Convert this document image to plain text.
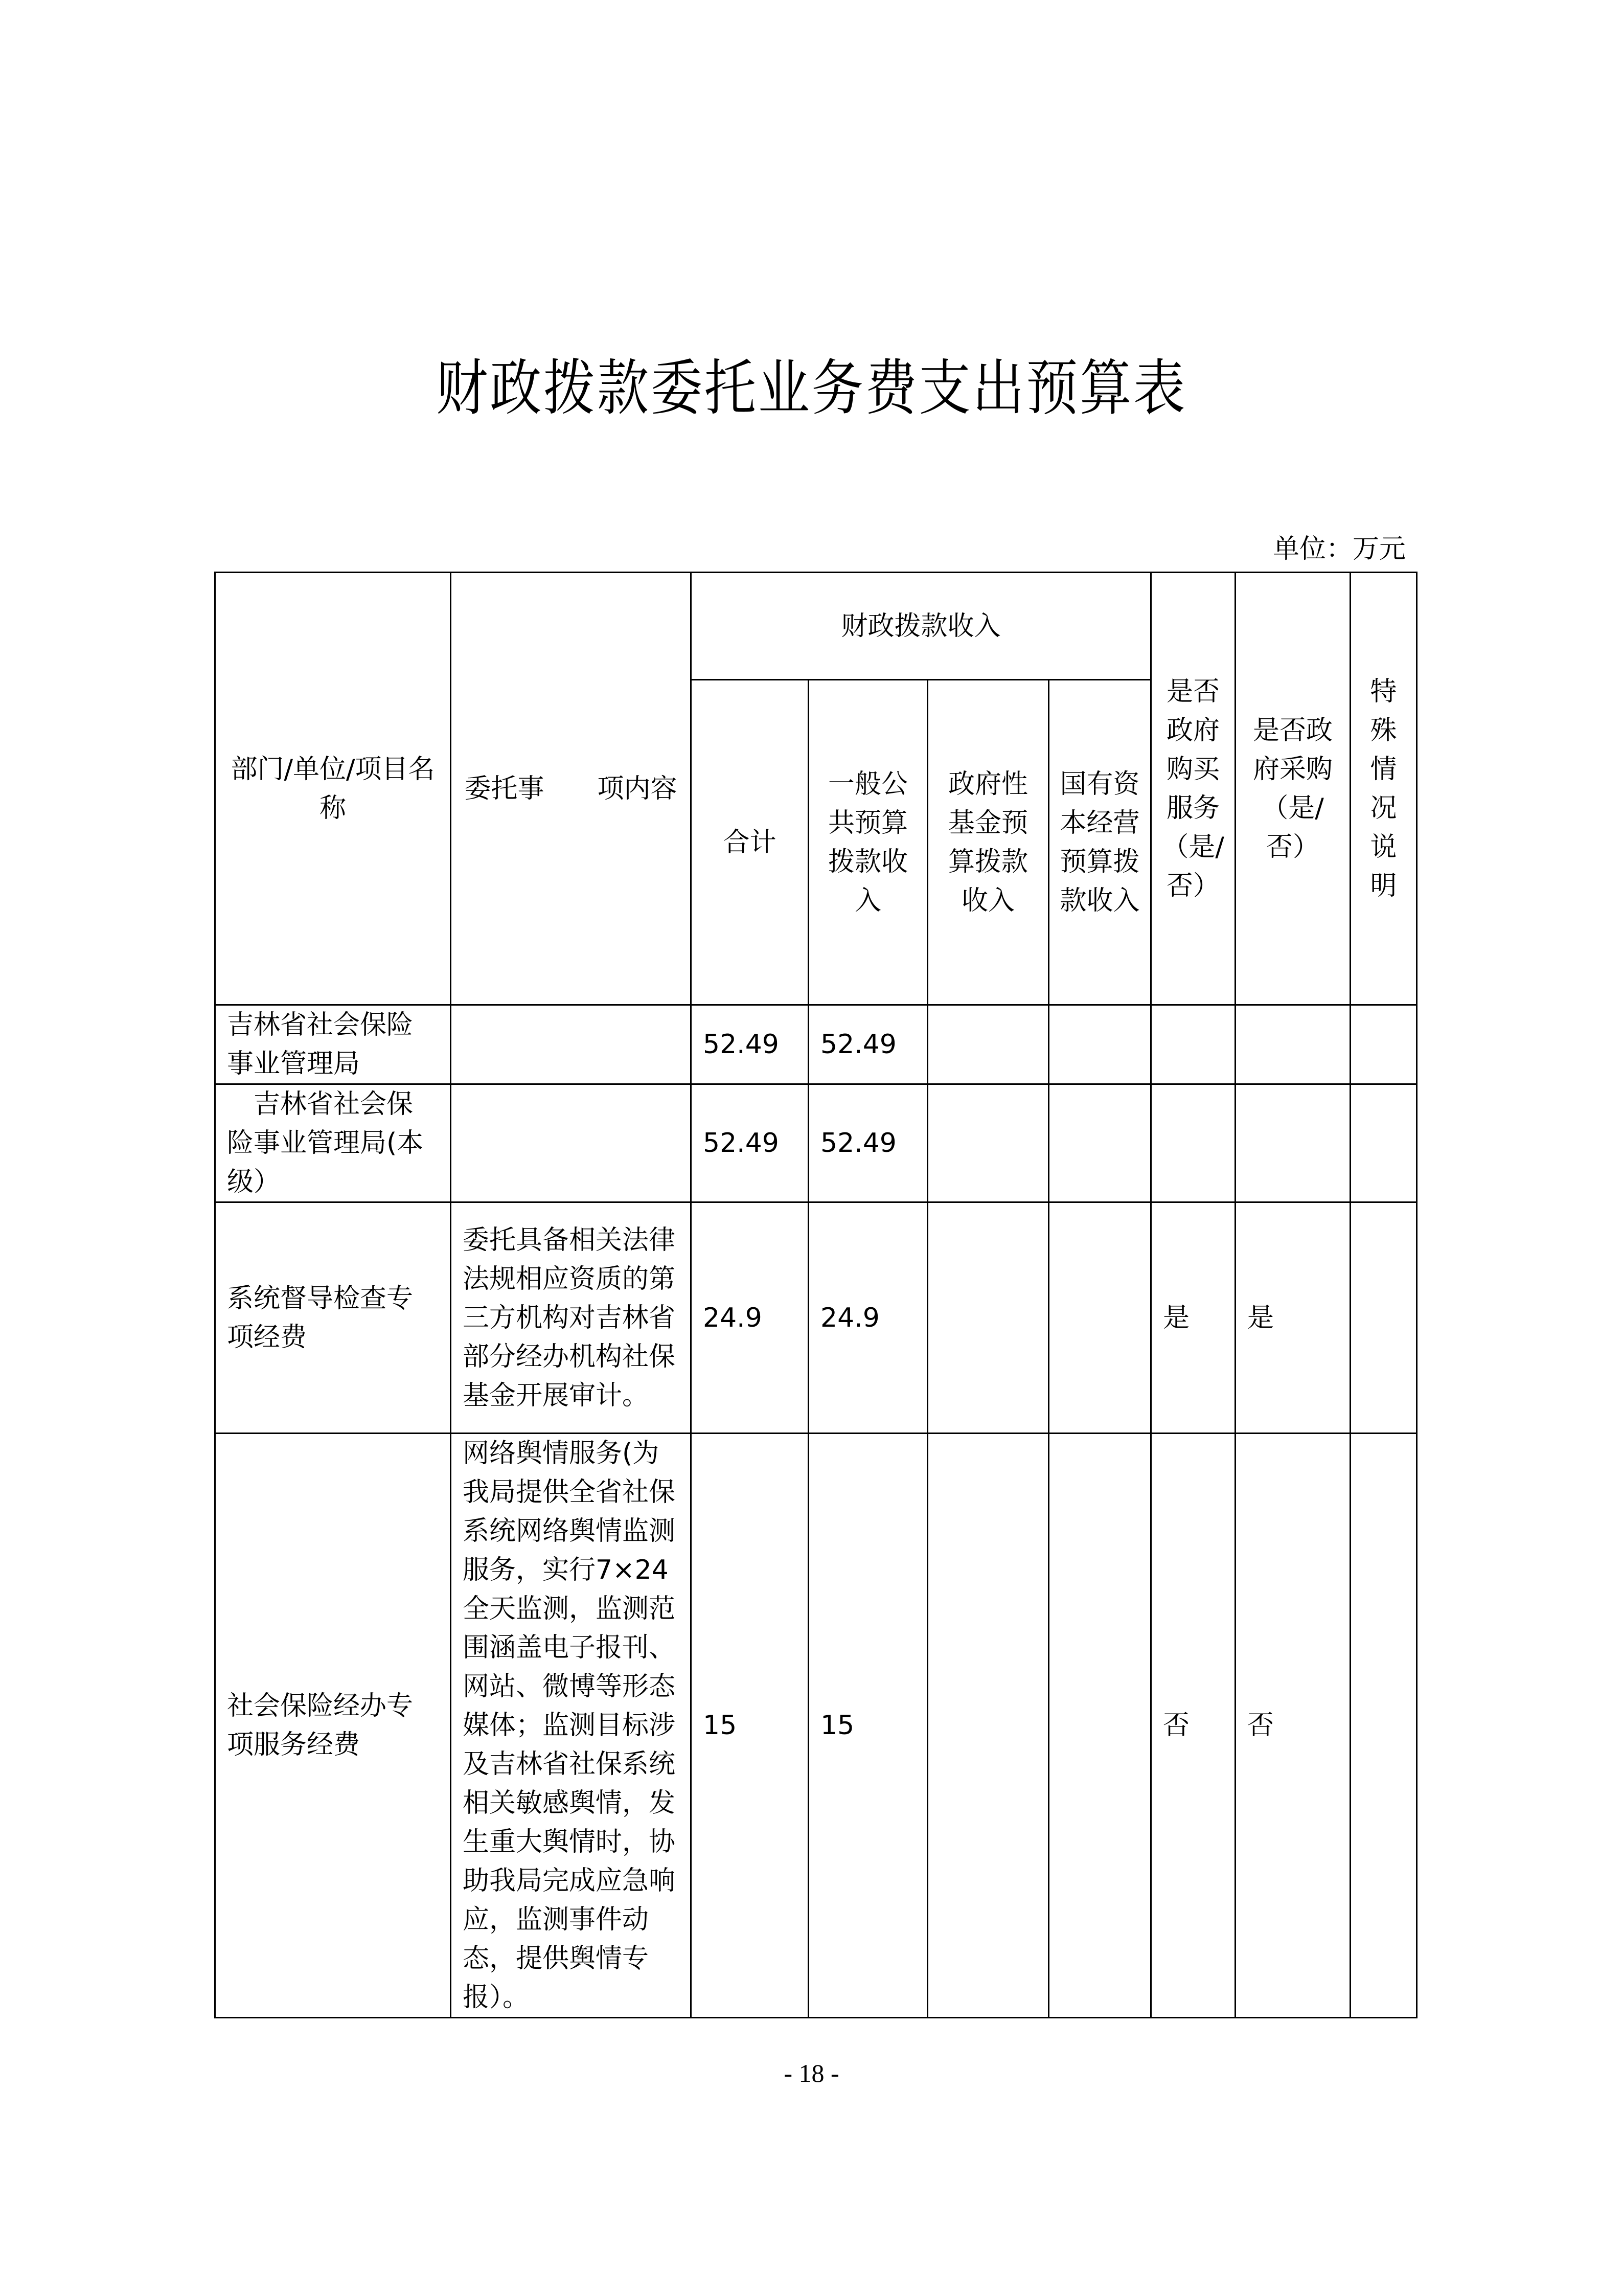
财政拨款委托业务费支出预算表
单位：万元
部门/单位/项目名称	委托事　　项内容	财政拨款收入				是否政府购买服务（是/否）	是否政府采购（是/否）	特殊情况说明
		合计	一般公共预算拨款收入	政府性基金预算拨款收入	国有资本经营预算拨款收入			
吉林省社会保险事业管理局		52.49	52.49					
　吉林省社会保险事业管理局(本级）		52.49	52.49					
系统督导检查专项经费	委托具备相关法律法规相应资质的第三方机构对吉林省部分经办机构社保基金开展审计。	24.9	24.9			是	是	
社会保险经办专项服务经费	网络舆情服务(为我局提供全省社保系统网络舆情监测服务，实行7×24全天监测，监测范围涵盖电子报刊、网站、微博等形态媒体；监测目标涉及吉林省社保系统相关敏感舆情，发生重大舆情时，协助我局完成应急响应，监测事件动态，提供舆情专报）。	15	15			否	否	
- 18 -
